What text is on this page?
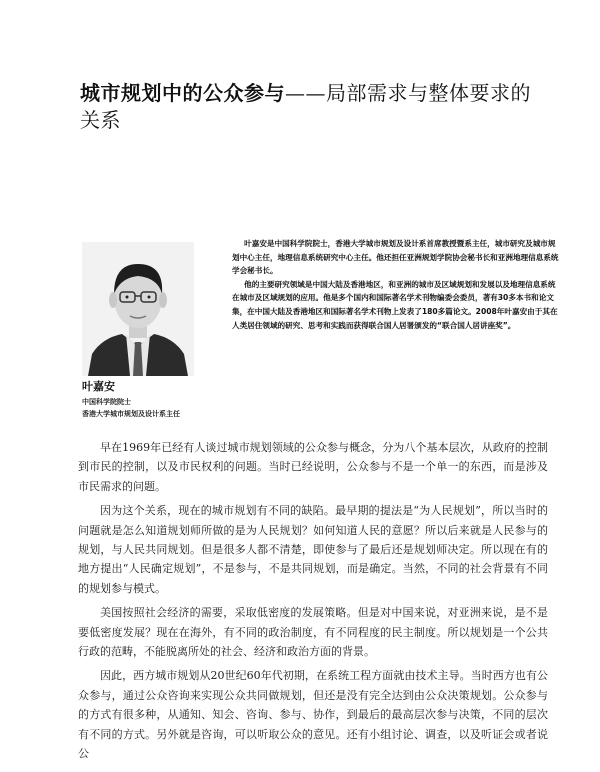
城市规划中的公众参与——局部需求与整体要求的关系

叶嘉安是中国科学院院士，香港大学城市规划及设计系首席教授暨系主任，城市研究及城市规划中心主任，地理信息系统研究中心主任。他还担任亚洲规划学院协会秘书长和亚洲地理信息系统学会秘书长。

他的主要研究领域是中国大陆及香港地区，和亚洲的城市及区域规划和发展以及地理信息系统在城市及区域规划的应用。他是多个国内和国际著名学术刊物编委会委员，著有30多本书和论文集，在中国大陆及香港地区和国际著名学术刊物上发表了180多篇论文。2008年叶嘉安由于其在人类居住领域的研究、思考和实践而获得联合国人居署颁发的“联合国人居讲座奖”。

叶嘉安
中国科学院院士
香港大学城市规划及设计系主任

早在1969年已经有人谈过城市规划领域的公众参与概念，分为八个基本层次，从政府的控制到市民的控制，以及市民权利的问题。当时已经说明，公众参与不是一个单一的东西，而是涉及市民需求的问题。

因为这个关系，现在的城市规划有不同的缺陷。最早期的提法是“为人民规划”，所以当时的问题就是怎么知道规划师所做的是为人民规划？如何知道人民的意愿？所以后来就是人民参与的规划，与人民共同规划。但是很多人都不清楚，即使参与了最后还是规划师决定。所以现在有的地方提出“人民确定规划”，不是参与，不是共同规划，而是确定。当然，不同的社会背景有不同的规划参与模式。

美国按照社会经济的需要，采取低密度的发展策略。但是对中国来说，对亚洲来说，是不是要低密度发展？现在在海外，有不同的政治制度，有不同程度的民主制度。所以规划是一个公共行政的范畴，不能脱离所处的社会、经济和政治方面的背景。

因此，西方城市规划从20世纪60年代初期，在系统工程方面就由技术主导。当时西方也有公众参与，通过公众咨询来实现公众共同做规划，但还是没有完全达到由公众决策规划。公众参与的方式有很多种，从通知、知会、咨询、参与、协作，到最后的最高层次参与决策，不同的层次有不同的方式。另外就是咨询，可以听取公众的意见。还有小组讨论、调查，以及听证会或者说公
